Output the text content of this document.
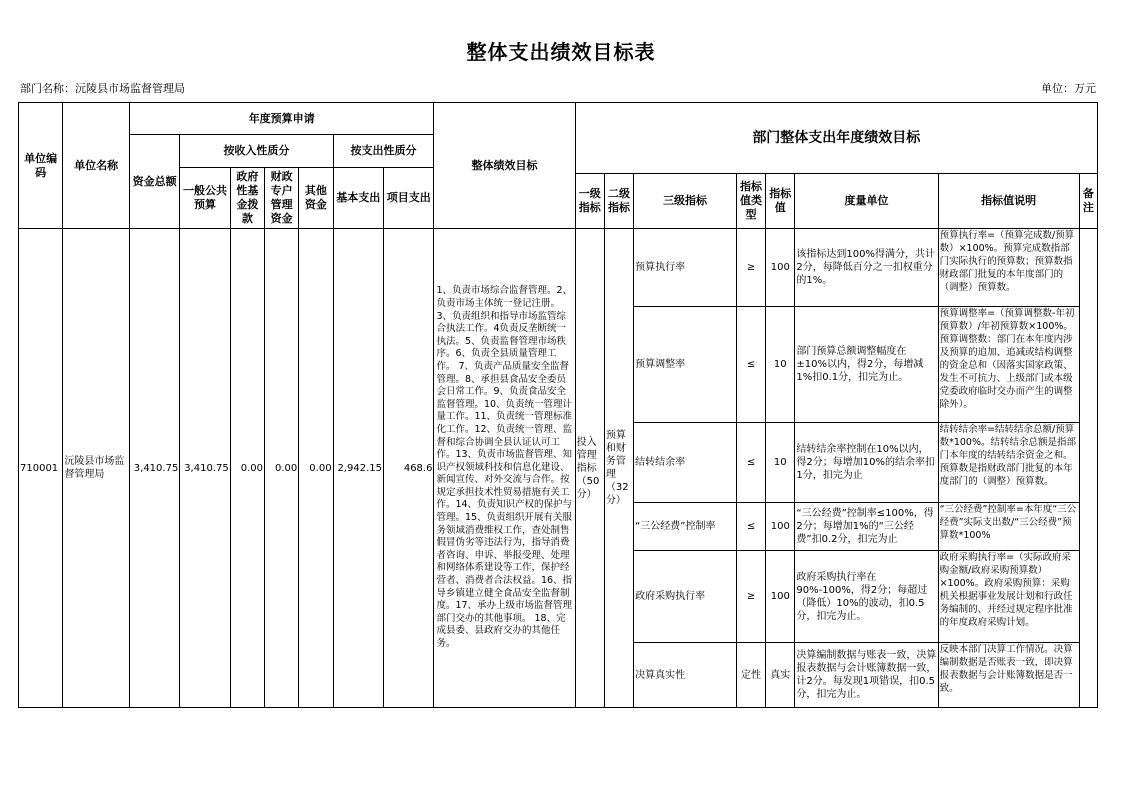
整体支出绩效目标表
部门名称：沅陵县市场监督管理局	单位：万元
单位编码	单位名称	年度预算申请							整体绩效目标	部门整体支出年度绩效目标							
		资金总额	按收入性质分				按支出性质分										
			一般公共预算	政府性基金拨款	财政专户管理资金	其他资金	基本支出	项目支出									
										一级指标	二级指标	三级指标	指标值类型	指标值	度量单位	指标值说明	备注
710001	沅陵县市场监督管理局	3,410.75	3,410.75	0.00	0.00	0.00	2,942.15	468.6	1、负责市场综合监督管理。2、负责市场主体统一登记注册。3、负责组织和指导市场监管综合执法工作。4负责反垄断统一执法。5、负责监督管理市场秩序。6、负责全县质量管理工作。 7、负责产品质量安全监督管理。8、承担县食品安全委员会日常工作。9、负责食品安全监督管理。10、负责统一管理计量工作。11、负责统一管理标准化工作。12、负责统一管理、监督和综合协调全县认证认可工作。13、负责市场监督管理、知识产权领域科技和信息化建设、新闻宣传、对外交流与合作。按规定承担技术性贸易措施有关工作。14、负责知识产权的保护与管理。15、负责组织开展有关服务领域消费维权工作，查处制售假冒伪劣等违法行为，指导消费者咨询、申诉、举报受理、处理和网络体系建设等工作，保护经营者、消费者合法权益。16、指导乡镇建立健全食品安全监督制度。17、承办上级市场监督管理部门交办的其他事项。 18、完成县委、县政府交办的其他任务。	投入管理指标（50分）	预算和财务管理（32分）	预算执行率	≥	100	该指标达到100%得满分，共计2分，每降低百分之一扣权重分的1%。	预算执行率=（预算完成数/预算数）×100%。预算完成数指部门实际执行的预算数；预算数指财政部门批复的本年度部门的（调整）预算数。	
												预算调整率	≤	10	部门预算总额调整幅度在±10%以内，得2分，每增减1%扣0.1分，扣完为止。	预算调整率=（预算调整数-年初预算数）/年初预算数×100%。预算调整数：部门在本年度内涉及预算的追加、追减或结构调整的资金总和（因落实国家政策、发生不可抗力、上级部门或本级党委政府临时交办而产生的调整除外）。	
												结转结余率	≤	10	结转结余率控制在10%以内，得2分；每增加10%的结余率扣1分，扣完为止	结转结余率=结转结余总额/预算数*100%。结转结余总额是指部门本年度的结转结余资金之和。预算数是指财政部门批复的本年度部门的（调整）预算数。	
												“三公经费”控制率	≤	100	“三公经费”控制率≤100%，得2分；每增加1%的“三公经费”扣0.2分，扣完为止	“三公经费”控制率=本年度“三公经费”实际支出数/“三公经费”预算数*100%	
												政府采购执行率	≥	100	政府采购执行率在90%-100%，得2分；每超过（降低）10%的波动，扣0.5分，扣完为止。	政府采购执行率=（实际政府采购金额/政府采购预算数）×100%。政府采购预算：采购机关根据事业发展计划和行政任务编制的、并经过规定程序批准的年度政府采购计划。	
												决算真实性	定性	真实	决算编制数据与账表一致，决算报表数据与会计账簿数据一致，计2分。每发现1项错误，扣0.5分，扣完为止。	反映本部门决算工作情况。决算编制数据是否账表一致，即决算报表数据与会计账簿数据是否一致。	
